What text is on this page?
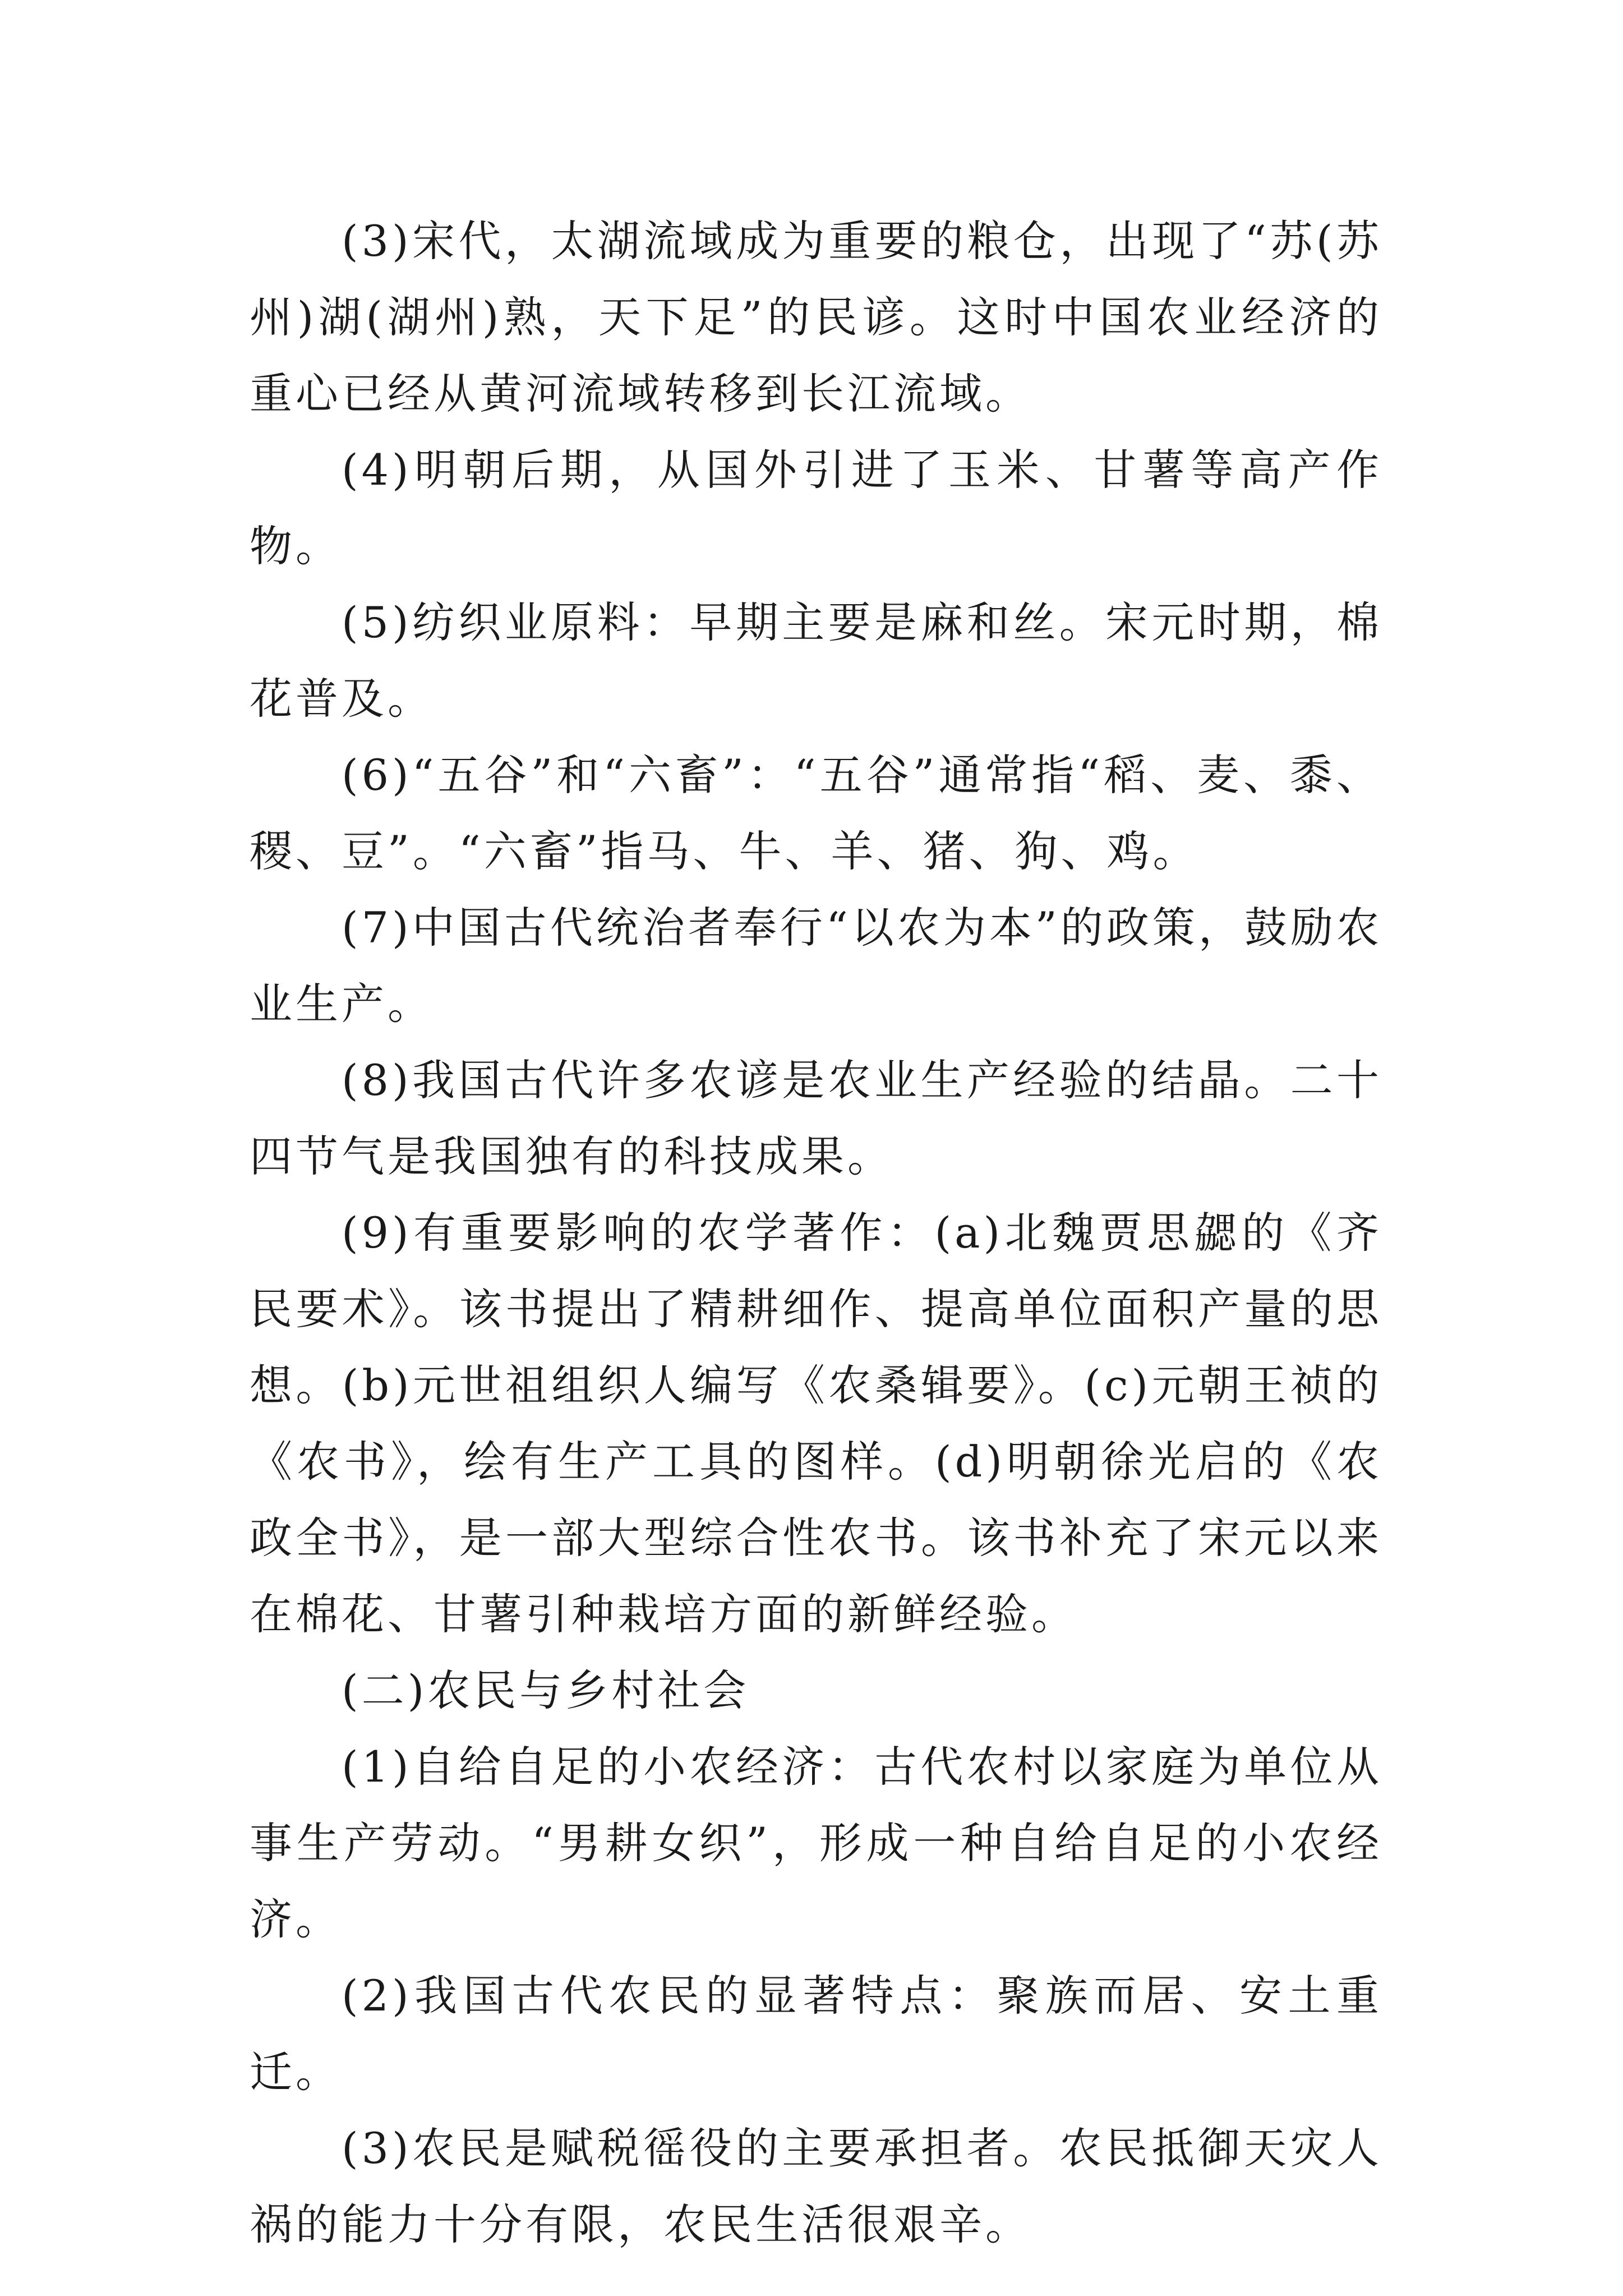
(3)宋代，太湖流域成为重要的粮仓，出现了“苏(苏州)湖(湖州)熟，天下足”的民谚。这时中国农业经济的重心已经从黄河流域转移到长江流域。

(4)明朝后期，从国外引进了玉米、甘薯等高产作物。

(5)纺织业原料：早期主要是麻和丝。宋元时期，棉花普及。

(6)“五谷”和“六畜”：“五谷”通常指“稻、麦、黍、稷、豆”。“六畜”指马、牛、羊、猪、狗、鸡。

(7)中国古代统治者奉行“以农为本”的政策，鼓励农业生产。

(8)我国古代许多农谚是农业生产经验的结晶。二十四节气是我国独有的科技成果。

(9)有重要影响的农学著作：(a)北魏贾思勰的《齐民要术》。该书提出了精耕细作、提高单位面积产量的思想。(b)元世祖组织人编写《农桑辑要》。(c)元朝王祯的《农书》，绘有生产工具的图样。(d)明朝徐光启的《农政全书》，是一部大型综合性农书。该书补充了宋元以来在棉花、甘薯引种栽培方面的新鲜经验。

(二)农民与乡村社会

(1)自给自足的小农经济：古代农村以家庭为单位从事生产劳动。“男耕女织”，形成一种自给自足的小农经济。

(2)我国古代农民的显著特点：聚族而居、安土重迁。

(3)农民是赋税徭役的主要承担者。农民抵御天灾人祸的能力十分有限，农民生活很艰辛。
